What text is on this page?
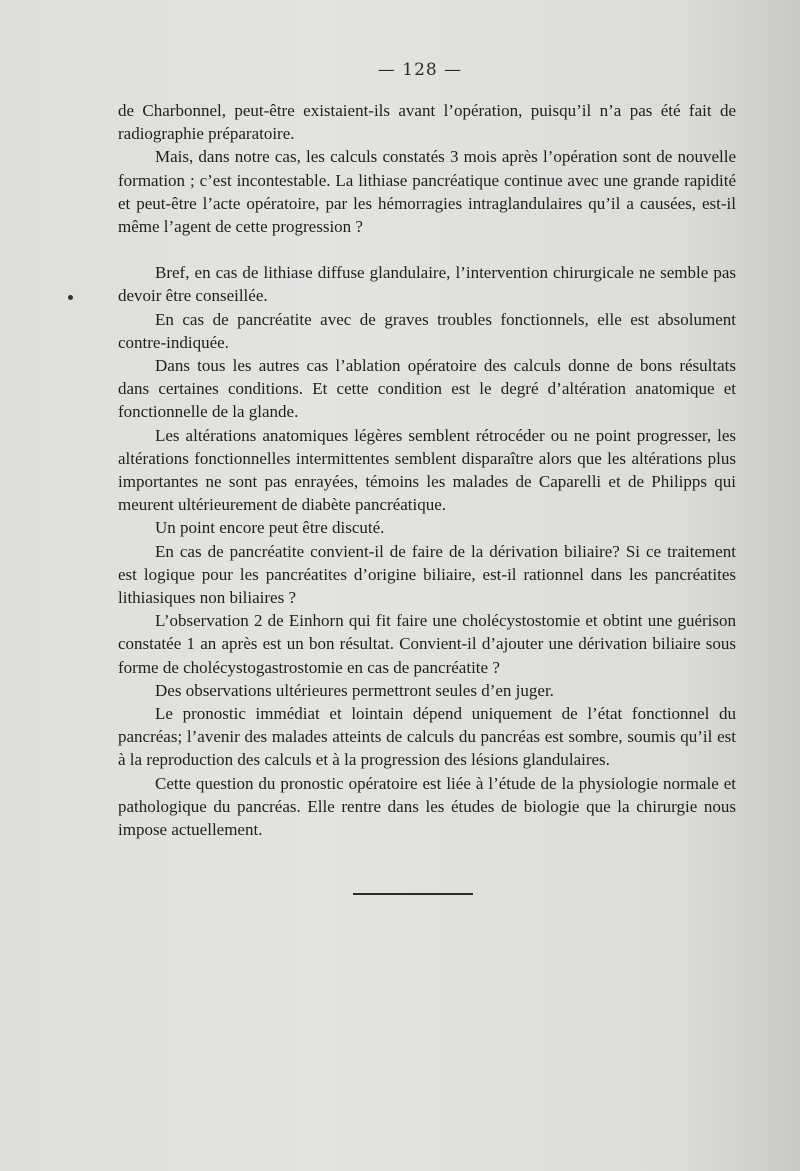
— 128 —

de Charbonnel, peut-être existaient-ils avant l’opération, puisqu’il n’a pas été fait de radiographie préparatoire.

Mais, dans notre cas, les calculs constatés 3 mois après l’opération sont de nouvelle formation ; c’est incontestable. La lithiase pancréatique continue avec une grande rapidité et peut-être l’acte opératoire, par les hémorragies intraglandulaires qu’il a causées, est-il même l’agent de cette progression ?

Bref, en cas de lithiase diffuse glandulaire, l’intervention chirurgicale ne semble pas devoir être conseillée.

En cas de pancréatite avec de graves troubles fonctionnels, elle est absolument contre-indiquée.

Dans tous les autres cas l’ablation opératoire des calculs donne de bons résultats dans certaines conditions. Et cette condition est le degré d’altération anatomique et fonctionnelle de la glande.

Les altérations anatomiques légères semblent rétrocéder ou ne point progresser, les altérations fonctionnelles intermittentes semblent disparaître alors que les altérations plus importantes ne sont pas enrayées, témoins les malades de Caparelli et de Philipps qui meurent ultérieurement de diabète pancréatique.

Un point encore peut être discuté.

En cas de pancréatite convient-il de faire de la dérivation biliaire? Si ce traitement est logique pour les pancréatites d’origine biliaire, est-il rationnel dans les pancréatites lithiasiques non biliaires ?

L’observation 2 de Einhorn qui fit faire une cholécystostomie et obtint une guérison constatée 1 an après est un bon résultat. Convient-il d’ajouter une dérivation biliaire sous forme de cholécystogastrostomie en cas de pancréatite ?

Des observations ultérieures permettront seules d’en juger.

Le pronostic immédiat et lointain dépend uniquement de l’état fonctionnel du pancréas; l’avenir des malades atteints de calculs du pancréas est sombre, soumis qu’il est à la reproduction des calculs et à la progression des lésions glandulaires.

Cette question du pronostic opératoire est liée à l’étude de la physiologie normale et pathologique du pancréas. Elle rentre dans les études de biologie que la chirurgie nous impose actuellement.
